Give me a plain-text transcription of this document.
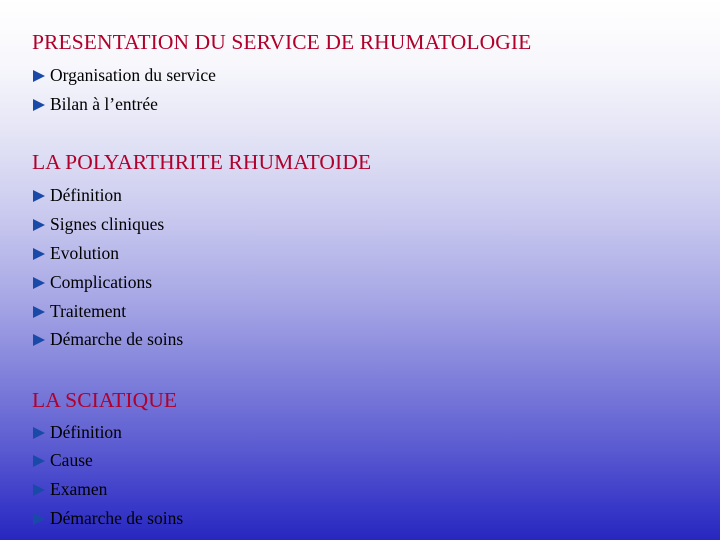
PRESENTATION DU SERVICE DE RHUMATOLOGIE
Organisation du service
Bilan à l’entrée
LA POLYARTHRITE RHUMATOIDE
Définition
Signes cliniques
Evolution
Complications
Traitement
Démarche de soins
LA SCIATIQUE
Définition
Cause
Examen
Démarche de soins
